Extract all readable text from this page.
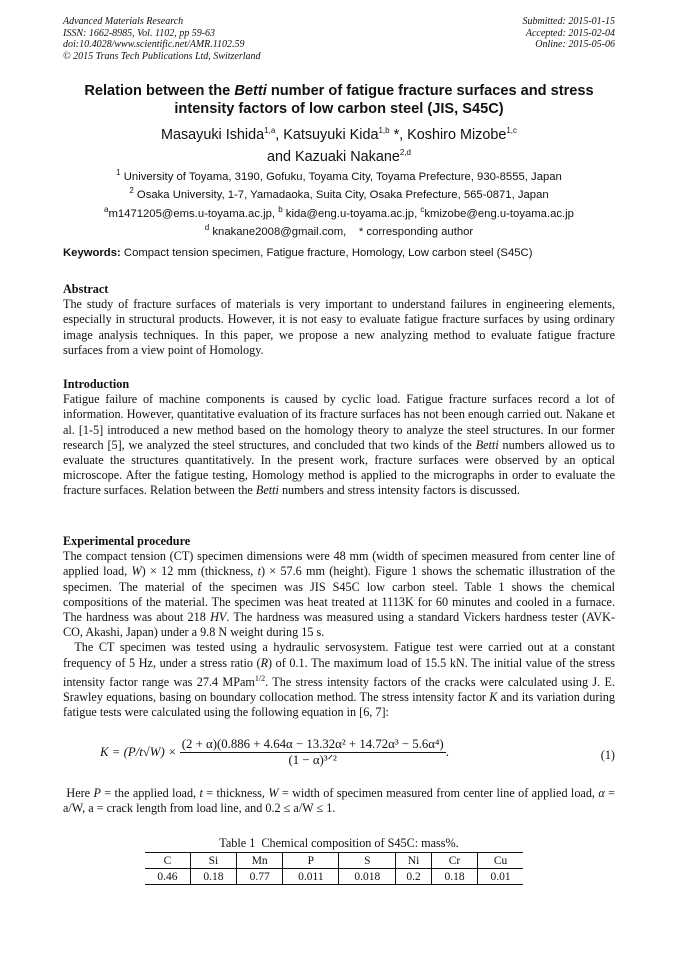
Advanced Materials Research
ISSN: 1662-8985, Vol. 1102, pp 59-63
doi:10.4028/www.scientific.net/AMR.1102.59
© 2015 Trans Tech Publications Ltd, Switzerland
Submitted: 2015-01-15
Accepted: 2015-02-04
Online: 2015-05-06
Relation between the Betti number of fatigue fracture surfaces and stress intensity factors of low carbon steel (JIS, S45C)
Masayuki Ishida$^{1,a}$, Katsuyuki Kida$^{1,b}$ *, Koshiro Mizobe$^{1,c}$
and Kazuaki Nakane$^{2,d}$
$^1$ University of Toyama, 3190, Gofuku, Toyama City, Toyama Prefecture, 930-8555, Japan
$^2$ Osaka University, 1-7, Yamadaoka, Suita City, Osaka Prefecture, 565-0871, Japan
$^a$m1471205@ems.u-toyama.ac.jp, $^b$ kida@eng.u-toyama.ac.jp, $^c$kmizobe@eng.u-toyama.ac.jp
$^d$ knakane2008@gmail.com,    * corresponding author
Keywords: Compact tension specimen, Fatigue fracture, Homology, Low carbon steel (S45C)
Abstract

The study of fracture surfaces of materials is very important to understand failures in engineering elements, especially in structural products. However, it is not easy to evaluate fatigue fracture surfaces by using ordinary image analysis techniques. In this paper, we propose a new analyzing method to evaluate fatigue fracture surfaces from a view point of Homology.

Introduction

Fatigue failure of machine components is caused by cyclic load. Fatigue fracture surfaces record a lot of information. However, quantitative evaluation of its fracture surfaces has not been enough carried out. Nakane et al. [1-5] introduced a new method based on the homology theory to analyze the steel structures. In our former research [5], we analyzed the steel structures, and concluded that two kinds of the Betti numbers allowed us to evaluate the structures quantitatively. In the present work, fracture surfaces were observed by an optical microscope. After the fatigue testing, Homology method is applied to the micrographs in order to evaluate the fracture surfaces. Relation between the Betti numbers and stress intensity factors is discussed.

Experimental procedure

The compact tension (CT) specimen dimensions were 48 mm (width of specimen measured from center line of applied load, W) × 12 mm (thickness, t) × 57.6 mm (height). Figure 1 shows the schematic illustration of the specimen. The material of the specimen was JIS S45C low carbon steel. Table 1 shows the chemical compositions of the material. The specimen was heat treated at 1113K for 60 minutes and cooled in a furnace. The hardness was about 218 HV. The hardness was measured using a standard Vickers hardness tester (AVK-CO, Akashi, Japan) under a 9.8 N weight during 15 s.

The CT specimen was tested using a hydraulic servosystem. Fatigue test were carried out at a constant frequency of 5 Hz, under a stress ratio (R) of 0.1. The maximum load of 15.5 kN. The initial value of the stress intensity factor range was 27.4 MPam$^{1/2}$. The stress intensity factors of the cracks were calculated using J. E. Srawley equations, basing on boundary collocation method. The stress intensity factor K and its variation during fatigue tests were calculated using the following equation in [6, 7]:

$K = (P/t√W) \times \frac{\text{(2 + α)(0.886 + 4.64α − 13.32α² + 14.72α³ − 5.6α⁴)}}{\text{(1 − α)³ᐟ²}}$ .	(1)

Here P = the applied load, t = thickness, W = width of specimen measured from center line of applied load, α = a/W, a = crack length from load line, and 0.2 ≤ a/W ≤ 1.

Table 1  Chemical composition of S45C: mass%.
C	Si	Mn	P	S	Ni	Cr	Cu
0.46	0.18	0.77	0.011	0.018	0.2	0.18	0.01
